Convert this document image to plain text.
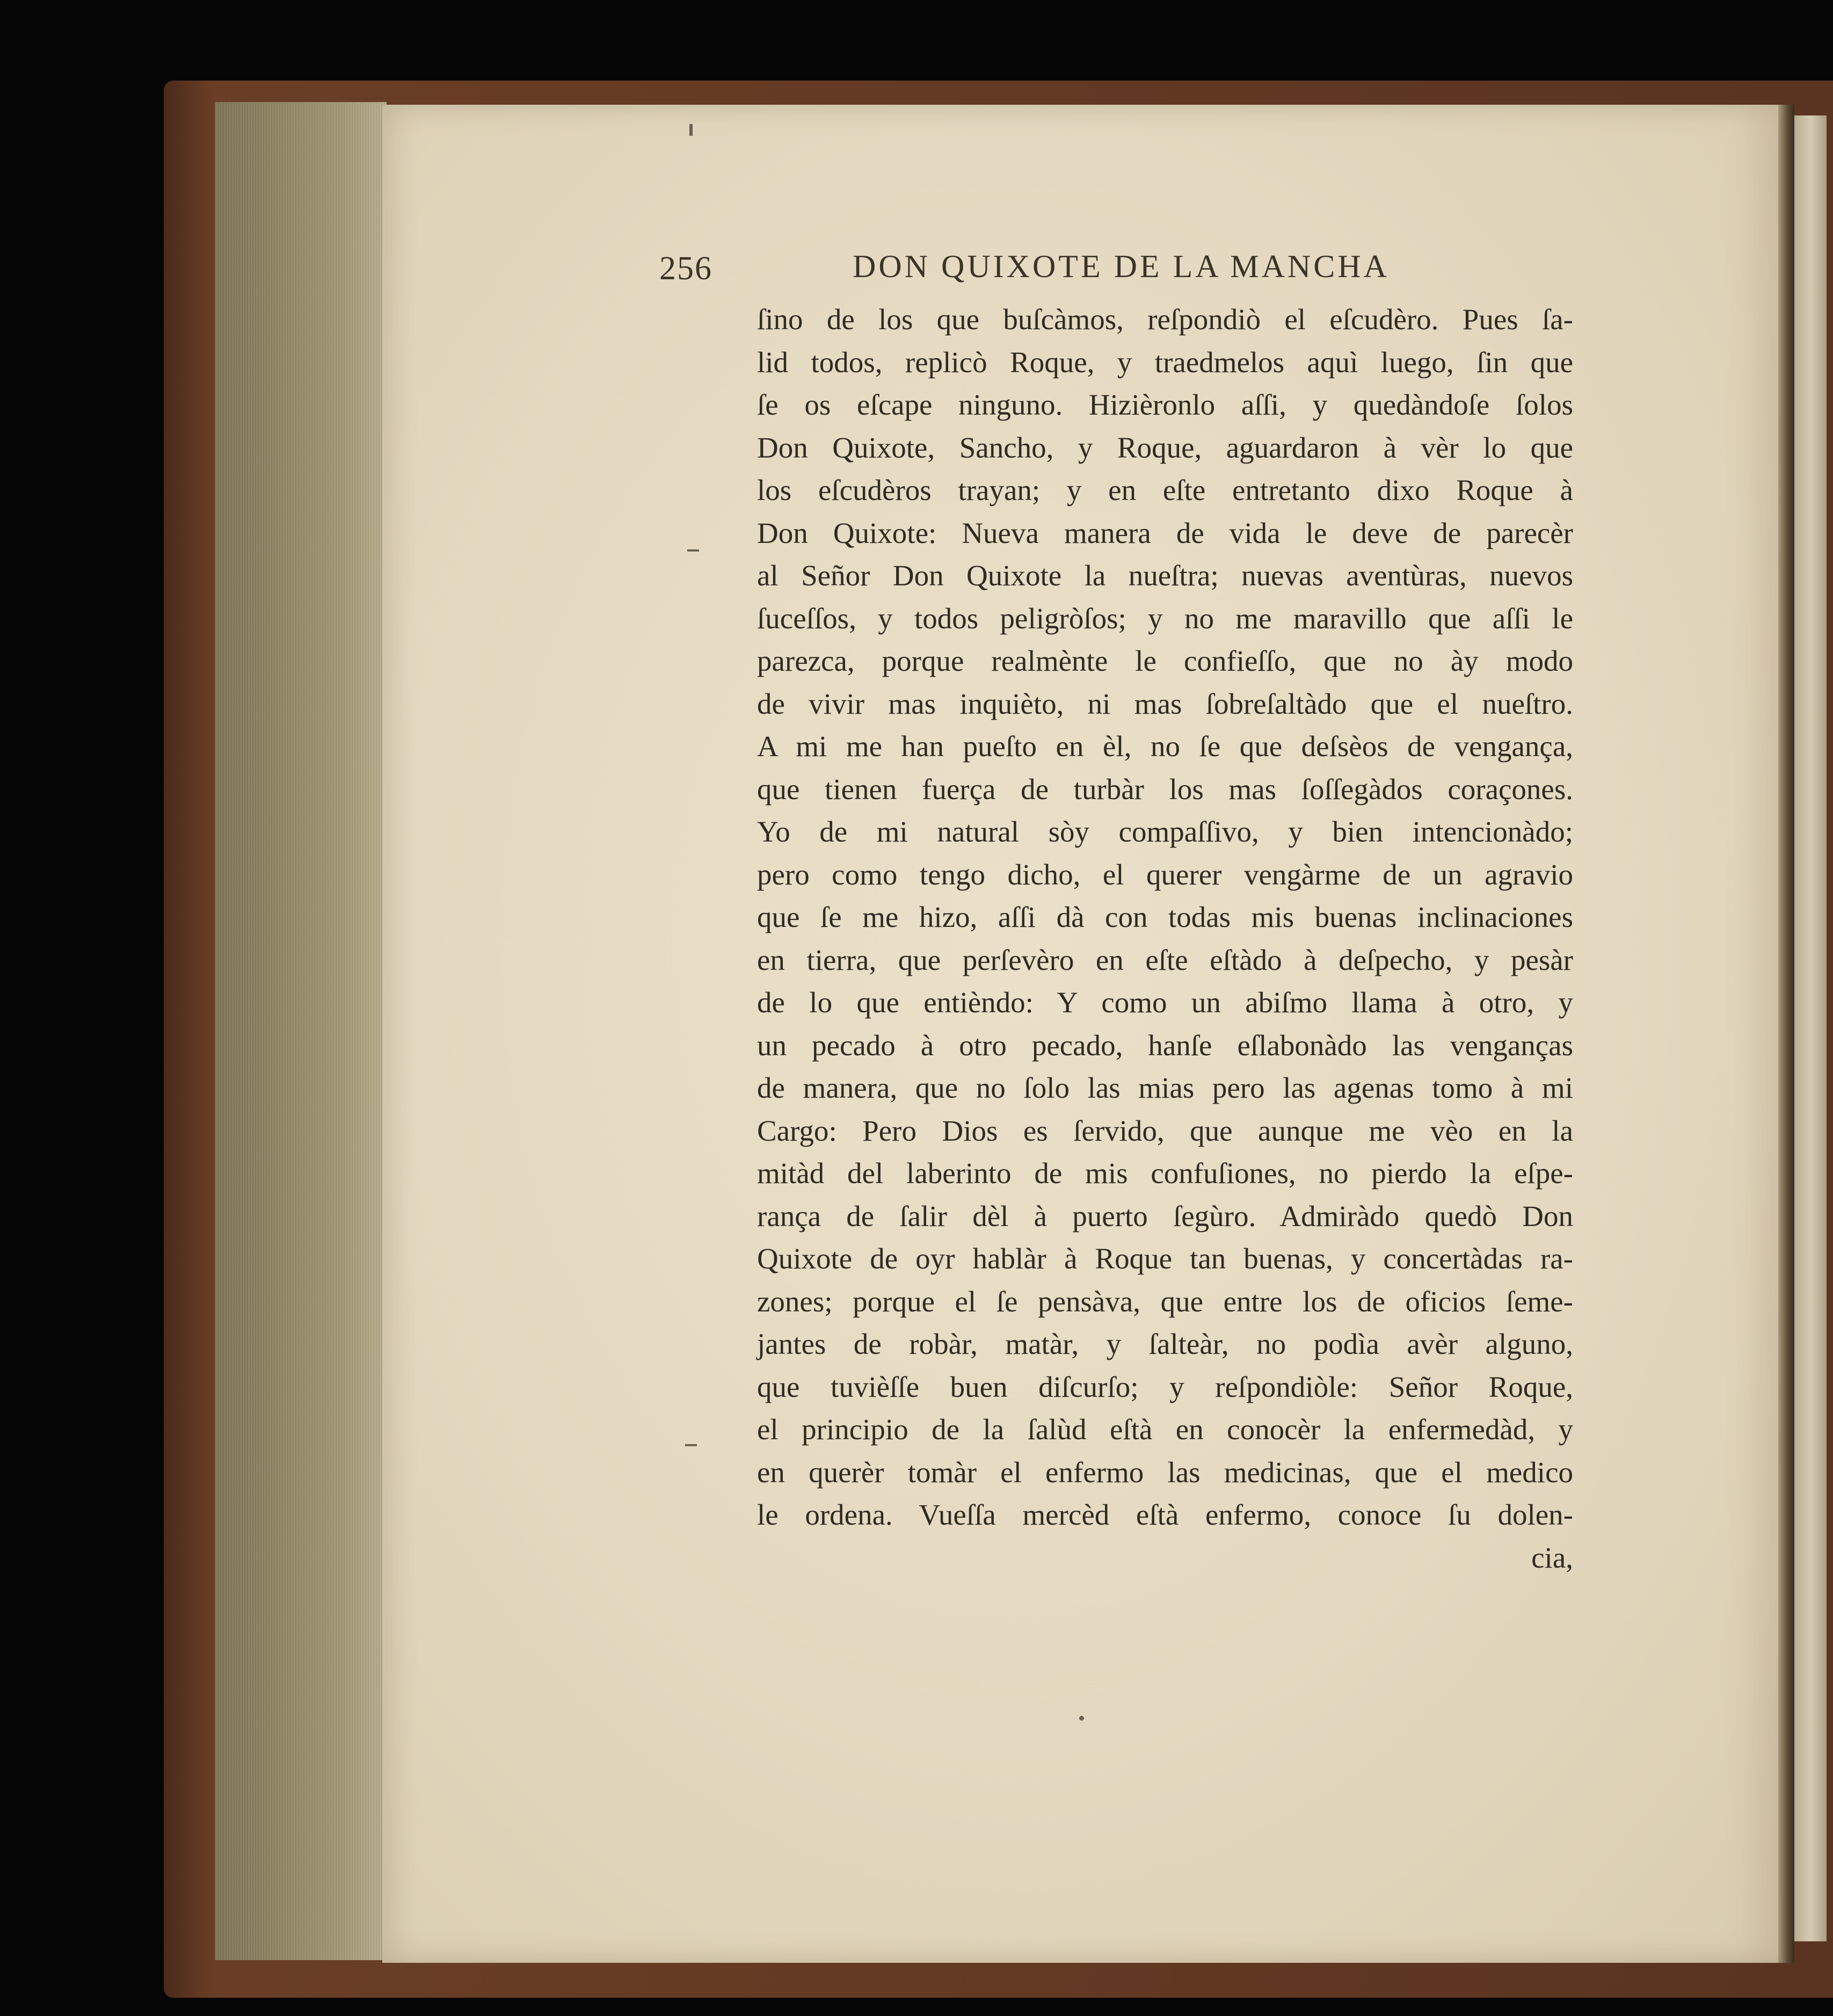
256	DON QUIXOTE DE LA MANCHA

ſino de los que buſcàmos, reſpondiò el eſcudèro. Pues ſa-
lid todos, replicò Roque, y traedmelos aquì luego, ſin que
ſe os eſcape ninguno. Hizièronlo aſſi, y quedàndoſe ſolos
Don Quixote, Sancho, y Roque, aguardaron à vèr lo que
los eſcudèros trayan; y en eſte entretanto dixo Roque à
Don Quixote: Nueva manera de vida le deve de parecèr
al Señor Don Quixote la nueſtra; nuevas aventùras, nuevos
ſuceſſos, y todos peligròſos; y no me maravillo que aſſi le
parezca, porque realmènte le confieſſo, que no ày modo
de vivir mas inquièto, ni mas ſobreſaltàdo que el nueſtro.
A mi me han pueſto en èl, no ſe que deſsèos de vengança,
que tienen fuerça de turbàr los mas ſoſſegàdos coraçones.
Yo de mi natural sòy compaſſivo, y bien intencionàdo;
pero como tengo dicho, el querer vengàrme de un agravio
que ſe me hizo, aſſi dà con todas mis buenas inclinaciones
en tierra, que perſevèro en eſte eſtàdo à deſpecho, y pesàr
de lo que entièndo: Y como un abiſmo llama à otro, y
un pecado à otro pecado, hanſe eſlabonàdo las venganças
de manera, que no ſolo las mias pero las agenas tomo à mi
Cargo: Pero Dios es ſervido, que aunque me vèo en la
mitàd del laberinto de mis confuſiones, no pierdo la eſpe-
rança de ſalir dèl à puerto ſegùro. Admiràdo quedò Don
Quixote de oyr hablàr à Roque tan buenas, y concertàdas ra-
zones; porque el ſe pensàva, que entre los de oficios ſeme-
jantes de robàr, matàr, y ſalteàr, no podìa avèr alguno,
que tuvièſſe buen diſcurſo; y reſpondiòle: Señor Roque,
el principio de la ſalùd eſtà en conocèr la enfermedàd, y
en querèr tomàr el enfermo las medicinas, que el medico
le ordena. Vueſſa mercèd eſtà enfermo, conoce ſu dolen-
cia,
